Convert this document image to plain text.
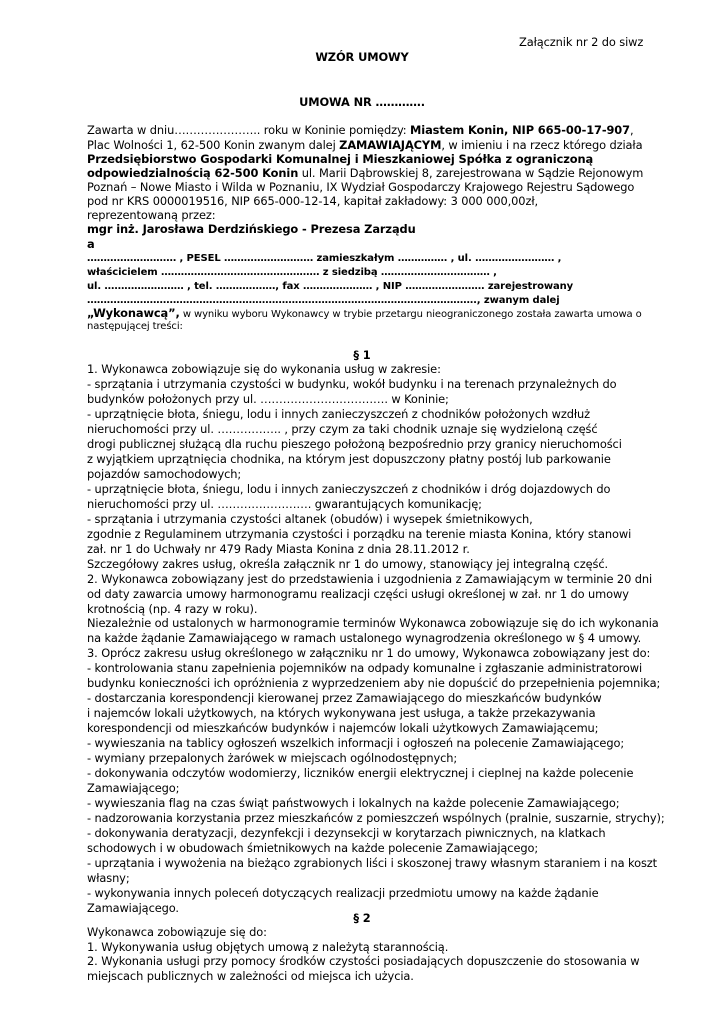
Załącznik nr 2 do siwz
WZÓR UMOWY
UMOWA NR ………….
Zawarta w dniu………………….. roku w Koninie pomiędzy: Miastem Konin, NIP 665-00-17-907,
Plac Wolności 1, 62-500 Konin zwanym dalej ZAMAWIAJĄCYM, w imieniu i na rzecz którego działa
Przedsiębiorstwo Gospodarki Komunalnej i Mieszkaniowej Spółka z ograniczoną
odpowiedzialnością 62-500 Konin ul. Marii Dąbrowskiej 8, zarejestrowana w Sądzie Rejonowym
Poznań – Nowe Miasto i Wilda w Poznaniu, IX Wydział Gospodarczy Krajowego Rejestru Sądowego
pod nr KRS 0000019516, NIP 665-000-12-14, kapitał zakładowy: 3 000 000,00zł,
reprezentowaną przez:
mgr inż. Jarosława Derdzińskiego - Prezesa Zarządu
a
……………………… , PESEL ……………………… zamieszkałym …………… , ul. …………………… ,
właścicielem ………………………………………… z siedzibą …………………………… ,
ul. …………………… , tel. ………………, fax ………………… , NIP …………………… zarejestrowany
………………………………………………………………………………………………………., zwanym dalej
„Wykonawcą”, w wyniku wyboru Wykonawcy w trybie przetargu nieograniczonego została zawarta umowa o
następującej treści:
§ 1
1. Wykonawca zobowiązuje się do wykonania usług w zakresie:
- sprzątania i utrzymania czystości w budynku, wokół budynku i na terenach przynależnych do
budynków położonych przy ul. ……………………………. w Koninie;
- uprzątnięcie błota, śniegu, lodu i innych zanieczyszczeń z chodników położonych wzdłuż
nieruchomości przy ul. …………….. , przy czym za taki chodnik uznaje się wydzieloną część
drogi publicznej służącą dla ruchu pieszego położoną bezpośrednio przy granicy nieruchomości
z wyjątkiem uprzątnięcia chodnika, na którym jest dopuszczony płatny postój lub parkowanie
pojazdów samochodowych;
- uprzątnięcie błota, śniegu, lodu i innych zanieczyszczeń z chodników i dróg dojazdowych do
nieruchomości przy ul. ……………………. gwarantujących komunikację;
- sprzątania i utrzymania czystości altanek (obudów) i wysepek śmietnikowych,
zgodnie z Regulaminem utrzymania czystości i porządku na terenie miasta Konina, który stanowi
zał. nr 1 do Uchwały nr 479 Rady Miasta Konina z dnia 28.11.2012 r.
Szczegółowy zakres usług, określa załącznik nr 1 do umowy, stanowiący jej integralną część.
2. Wykonawca zobowiązany jest do przedstawienia i uzgodnienia z Zamawiającym w terminie 20 dni
od daty zawarcia umowy harmonogramu realizacji części usługi określonej w zał. nr 1 do umowy
krotnością (np. 4 razy w roku).
Niezależnie od ustalonych w harmonogramie terminów Wykonawca zobowiązuje się do ich wykonania
na każde żądanie Zamawiającego w ramach ustalonego wynagrodzenia określonego w § 4 umowy.
3. Oprócz zakresu usług określonego w załączniku nr 1 do umowy, Wykonawca zobowiązany jest do:
- kontrolowania stanu zapełnienia pojemników na odpady komunalne i zgłaszanie administratorowi
budynku konieczności ich opróżnienia z wyprzedzeniem aby nie dopuścić do przepełnienia pojemnika;
- dostarczania korespondencji kierowanej przez Zamawiającego do mieszkańców budynków
i najemców lokali użytkowych, na których wykonywana jest usługa, a także przekazywania
korespondencji od mieszkańców budynków i najemców lokali użytkowych Zamawiającemu;
- wywieszania na tablicy ogłoszeń wszelkich informacji i ogłoszeń na polecenie Zamawiającego;
- wymiany przepalonych żarówek w miejscach ogólnodostępnych;
- dokonywania odczytów wodomierzy, liczników energii elektrycznej i cieplnej na każde polecenie
Zamawiającego;
- wywieszania flag na czas świąt państwowych i lokalnych na każde polecenie Zamawiającego;
- nadzorowania korzystania przez mieszkańców z pomieszczeń wspólnych (pralnie, suszarnie, strychy);
- dokonywania deratyzacji, dezynfekcji i dezynsekcji w korytarzach piwnicznych, na klatkach
schodowych i w obudowach śmietnikowych na każde polecenie Zamawiającego;
- uprzątania i wywożenia na bieżąco zgrabionych liści i skoszonej trawy własnym staraniem i na koszt
własny;
- wykonywania innych poleceń dotyczących realizacji przedmiotu umowy na każde żądanie
Zamawiającego.
§ 2
Wykonawca zobowiązuje się do:
1. Wykonywania usług objętych umową z należytą starannością.
2. Wykonania usługi przy pomocy środków czystości posiadających dopuszczenie do stosowania w
miejscach publicznych w zależności od miejsca ich użycia.
